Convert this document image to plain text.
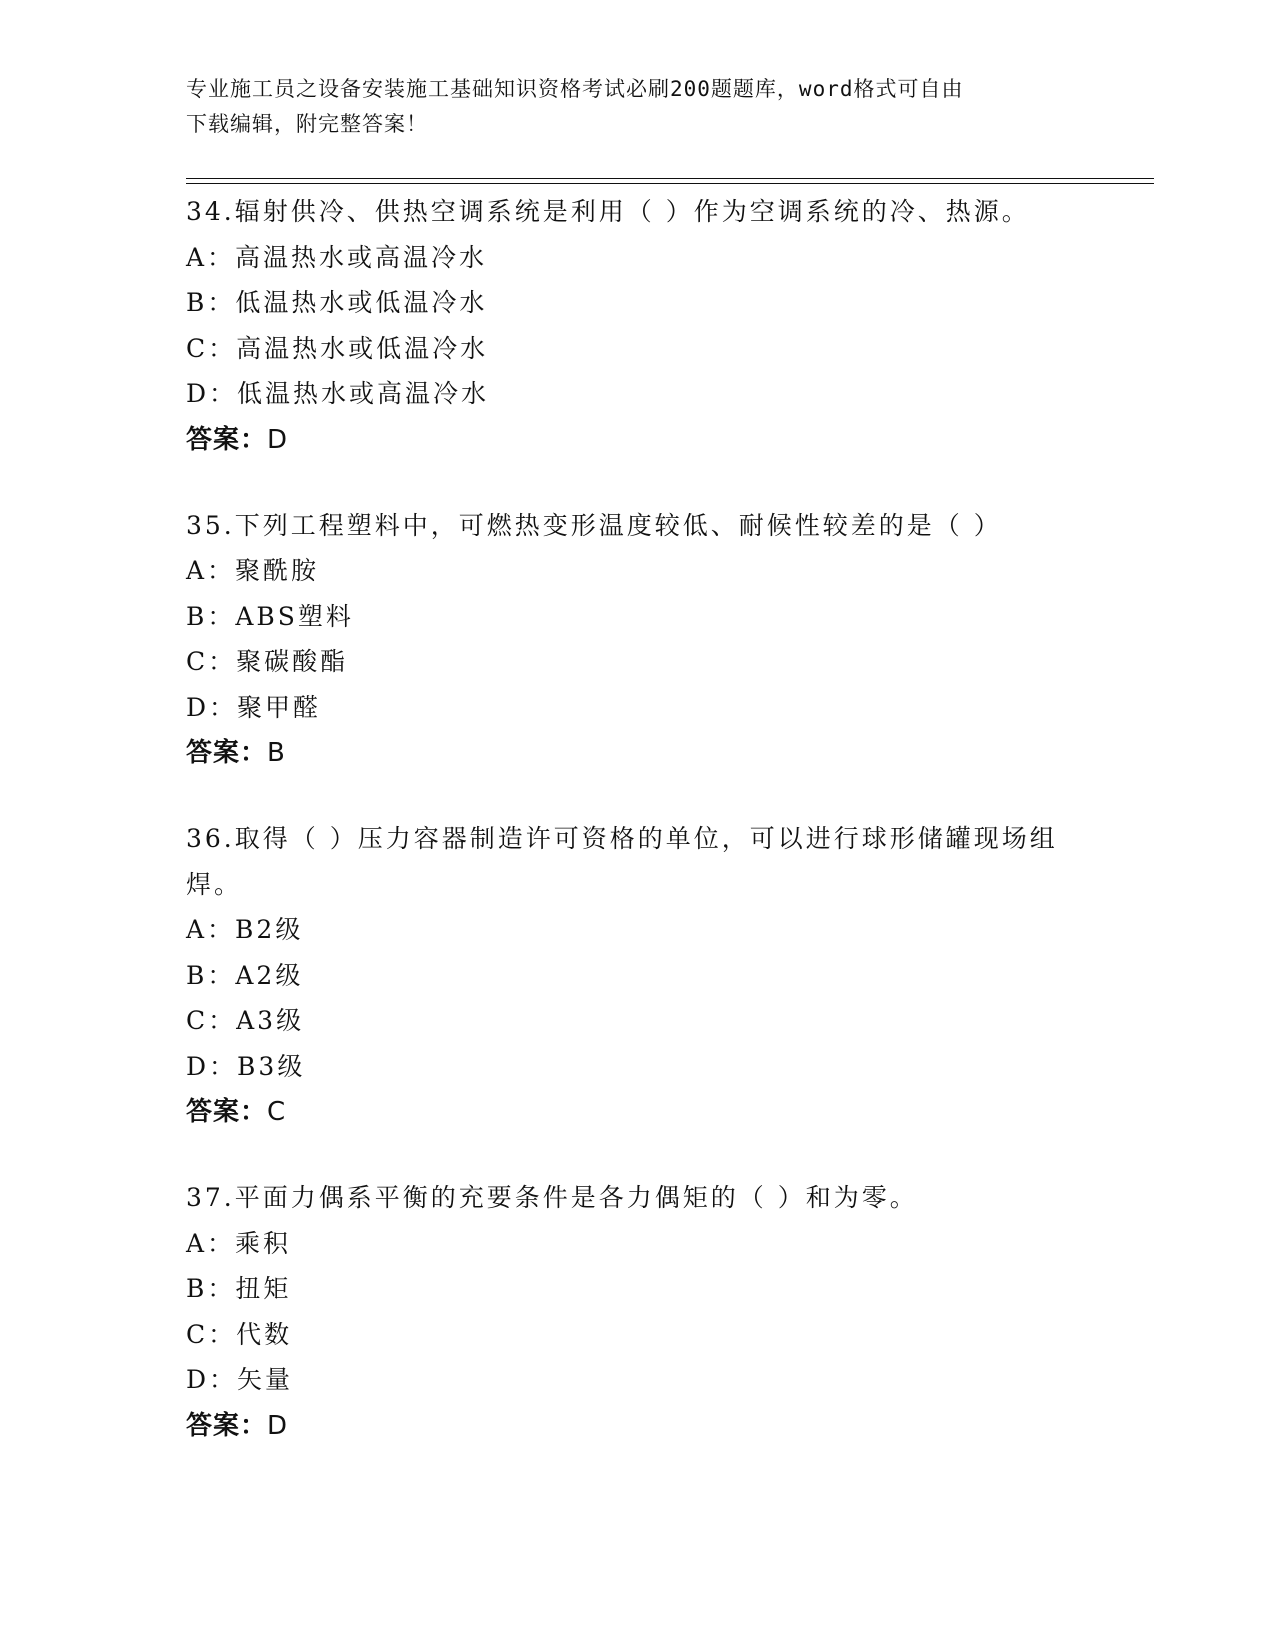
专业施工员之设备安装施工基础知识资格考试必刷200题题库，word格式可自由
下载编辑，附完整答案！
34.辐射供冷、供热空调系统是利用（ ）作为空调系统的冷、热源。
A：高温热水或高温冷水
B：低温热水或低温冷水
C：高温热水或低温冷水
D：低温热水或高温冷水
答案：D
35.下列工程塑料中，可燃热变形温度较低、耐候性较差的是（ ）
A：聚酰胺
B：ABS塑料
C：聚碳酸酯
D：聚甲醛
答案：B
36.取得（ ）压力容器制造许可资格的单位，可以进行球形储罐现场组焊。
A：B2级
B：A2级
C：A3级
D：B3级
答案：C
37.平面力偶系平衡的充要条件是各力偶矩的（ ）和为零。
A：乘积
B：扭矩
C：代数
D：矢量
答案：D
